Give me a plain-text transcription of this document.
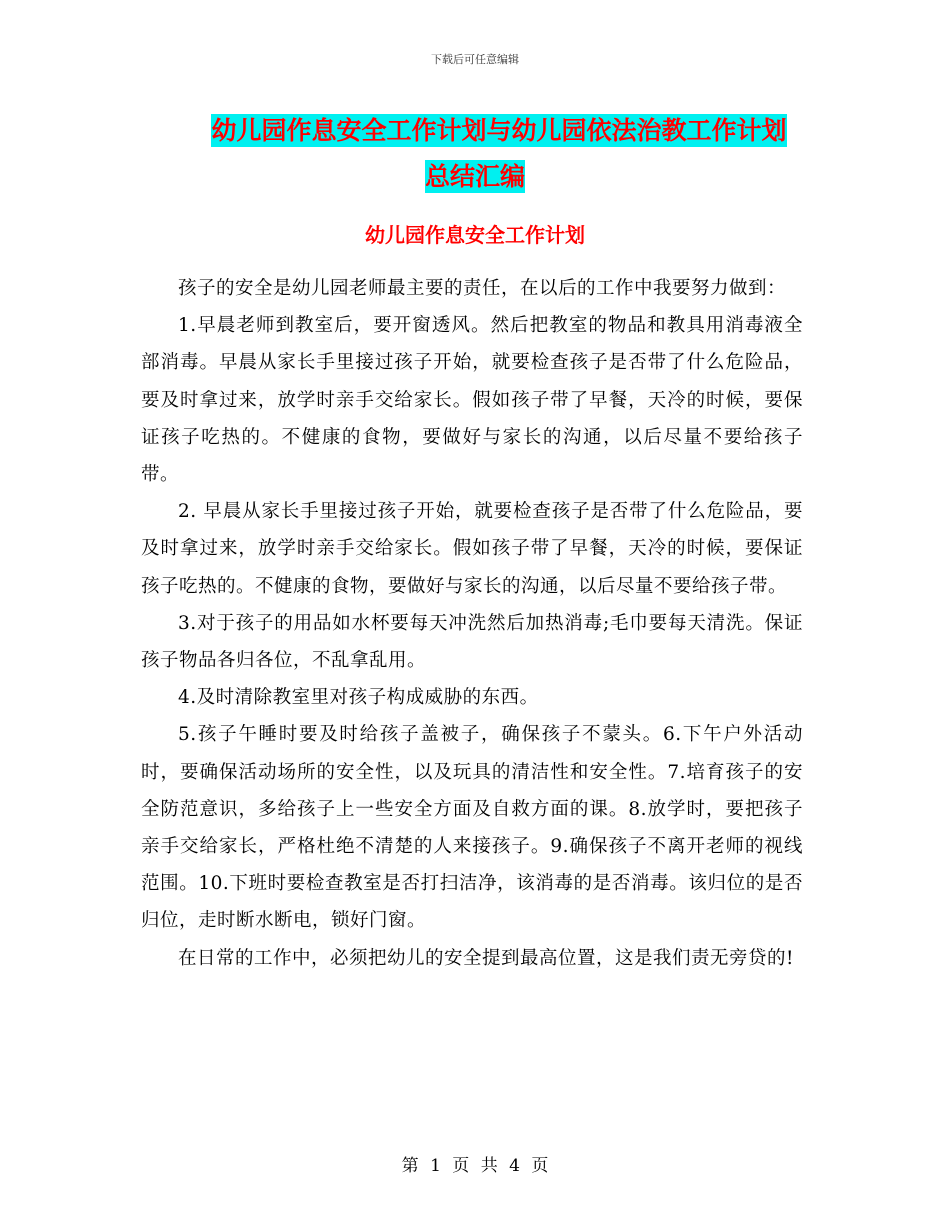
下载后可任意编辑
幼儿园作息安全工作计划与幼儿园依法治教工作计划
总结汇编
幼儿园作息安全工作计划

孩子的安全是幼儿园老师最主要的责任，在以后的工作中我要努力做到：

1.早晨老师到教室后，要开窗透风。然后把教室的物品和教具用消毒液全部消毒。早晨从家长手里接过孩子开始，就要检查孩子是否带了什么危险品，要及时拿过来，放学时亲手交给家长。假如孩子带了早餐，天冷的时候，要保证孩子吃热的。不健康的食物，要做好与家长的沟通，以后尽量不要给孩子带。

2. 早晨从家长手里接过孩子开始，就要检查孩子是否带了什么危险品，要及时拿过来，放学时亲手交给家长。假如孩子带了早餐，天冷的时候，要保证孩子吃热的。不健康的食物，要做好与家长的沟通，以后尽量不要给孩子带。

3.对于孩子的用品如水杯要每天冲洗然后加热消毒;毛巾要每天清洗。保证孩子物品各归各位，不乱拿乱用。

4.及时清除教室里对孩子构成威胁的东西。

5.孩子午睡时要及时给孩子盖被子，确保孩子不蒙头。6.下午户外活动时，要确保活动场所的安全性，以及玩具的清洁性和安全性。7.培育孩子的安全防范意识，多给孩子上一些安全方面及自救方面的课。8.放学时，要把孩子亲手交给家长，严格杜绝不清楚的人来接孩子。9.确保孩子不离开老师的视线范围。10.下班时要检查教室是否打扫洁净，该消毒的是否消毒。该归位的是否归位，走时断水断电，锁好门窗。

在日常的工作中，必须把幼儿的安全提到最高位置，这是我们责无旁贷的!

第 1 页 共 4 页
